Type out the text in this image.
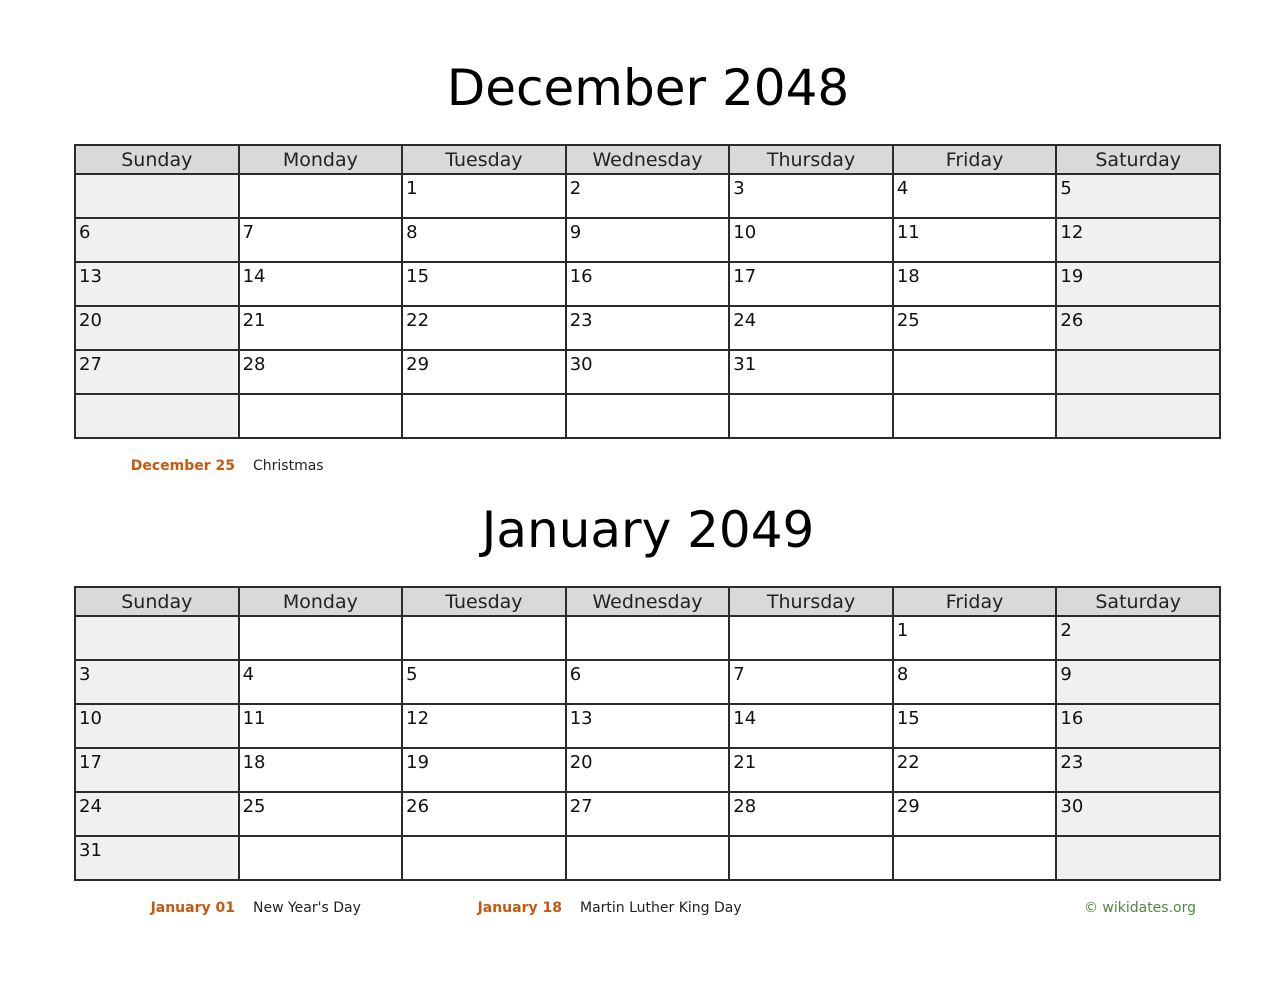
December 2048
Sunday	Monday	Tuesday	Wednesday	Thursday	Friday	Saturday

		1	2	3	4	5

6	7	8	9	10	11	12

13	14	15	16	17	18	19

20	21	22	23	24	25	26

27	28	29	30	31		

December 25 Christmas
January 2049
Sunday	Monday	Tuesday	Wednesday	Thursday	Friday	Saturday

					1	2

3	4	5	6	7	8	9

10	11	12	13	14	15	16

17	18	19	20	21	22	23

24	25	26	27	28	29	30

31						

January 01 New Year's Day	January 18 Martin Luther King Day	© wikidates.org
